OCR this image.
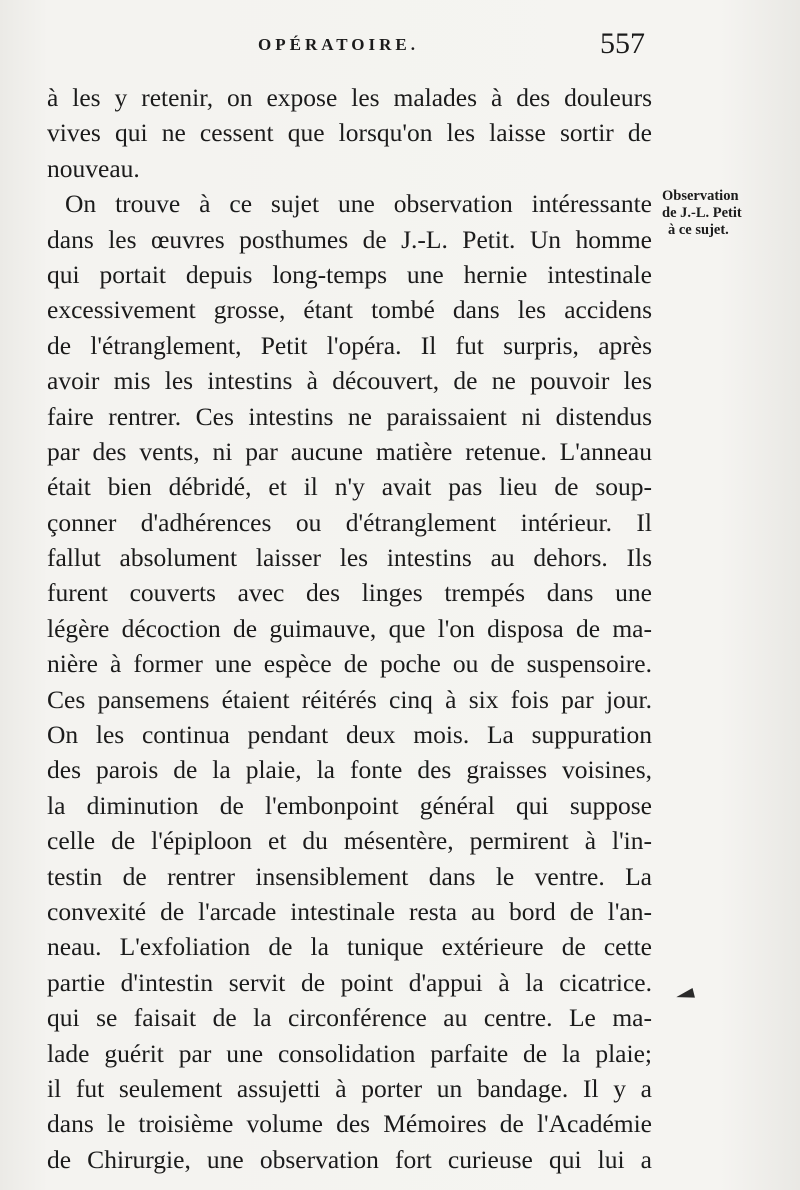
OPÉRATOIRE.	557
à les y retenir, on expose les malades à des douleurs
vives qui ne cessent que lorsqu'on les laisse sortir de
nouveau.
On trouve à ce sujet une observation intéressante
dans les œuvres posthumes de J.-L. Petit. Un homme
qui portait depuis long-temps une hernie intestinale
excessivement grosse, étant tombé dans les accidens
de l'étranglement, Petit l'opéra. Il fut surpris, après
avoir mis les intestins à découvert, de ne pouvoir les
faire rentrer. Ces intestins ne paraissaient ni distendus
par des vents, ni par aucune matière retenue. L'anneau
était bien débridé, et il n'y avait pas lieu de soup-
çonner d'adhérences ou d'étranglement intérieur. Il
fallut absolument laisser les intestins au dehors. Ils
furent couverts avec des linges trempés dans une
légère décoction de guimauve, que l'on disposa de ma-
nière à former une espèce de poche ou de suspensoire.
Ces pansemens étaient réitérés cinq à six fois par jour.
On les continua pendant deux mois. La suppuration
des parois de la plaie, la fonte des graisses voisines,
la diminution de l'embonpoint général qui suppose
celle de l'épiploon et du mésentère, permirent à l'in-
testin de rentrer insensiblement dans le ventre. La
convexité de l'arcade intestinale resta au bord de l'an-
neau. L'exfoliation de la tunique extérieure de cette
partie d'intestin servit de point d'appui à la cicatrice.
qui se faisait de la circonférence au centre. Le ma-
lade guérit par une consolidation parfaite de la plaie;
il fut seulement assujetti à porter un bandage. Il y a
dans le troisième volume des Mémoires de l'Académie
de Chirurgie, une observation fort curieuse qui lui a
Observation
de J.-L. Petit
à ce sujet.
